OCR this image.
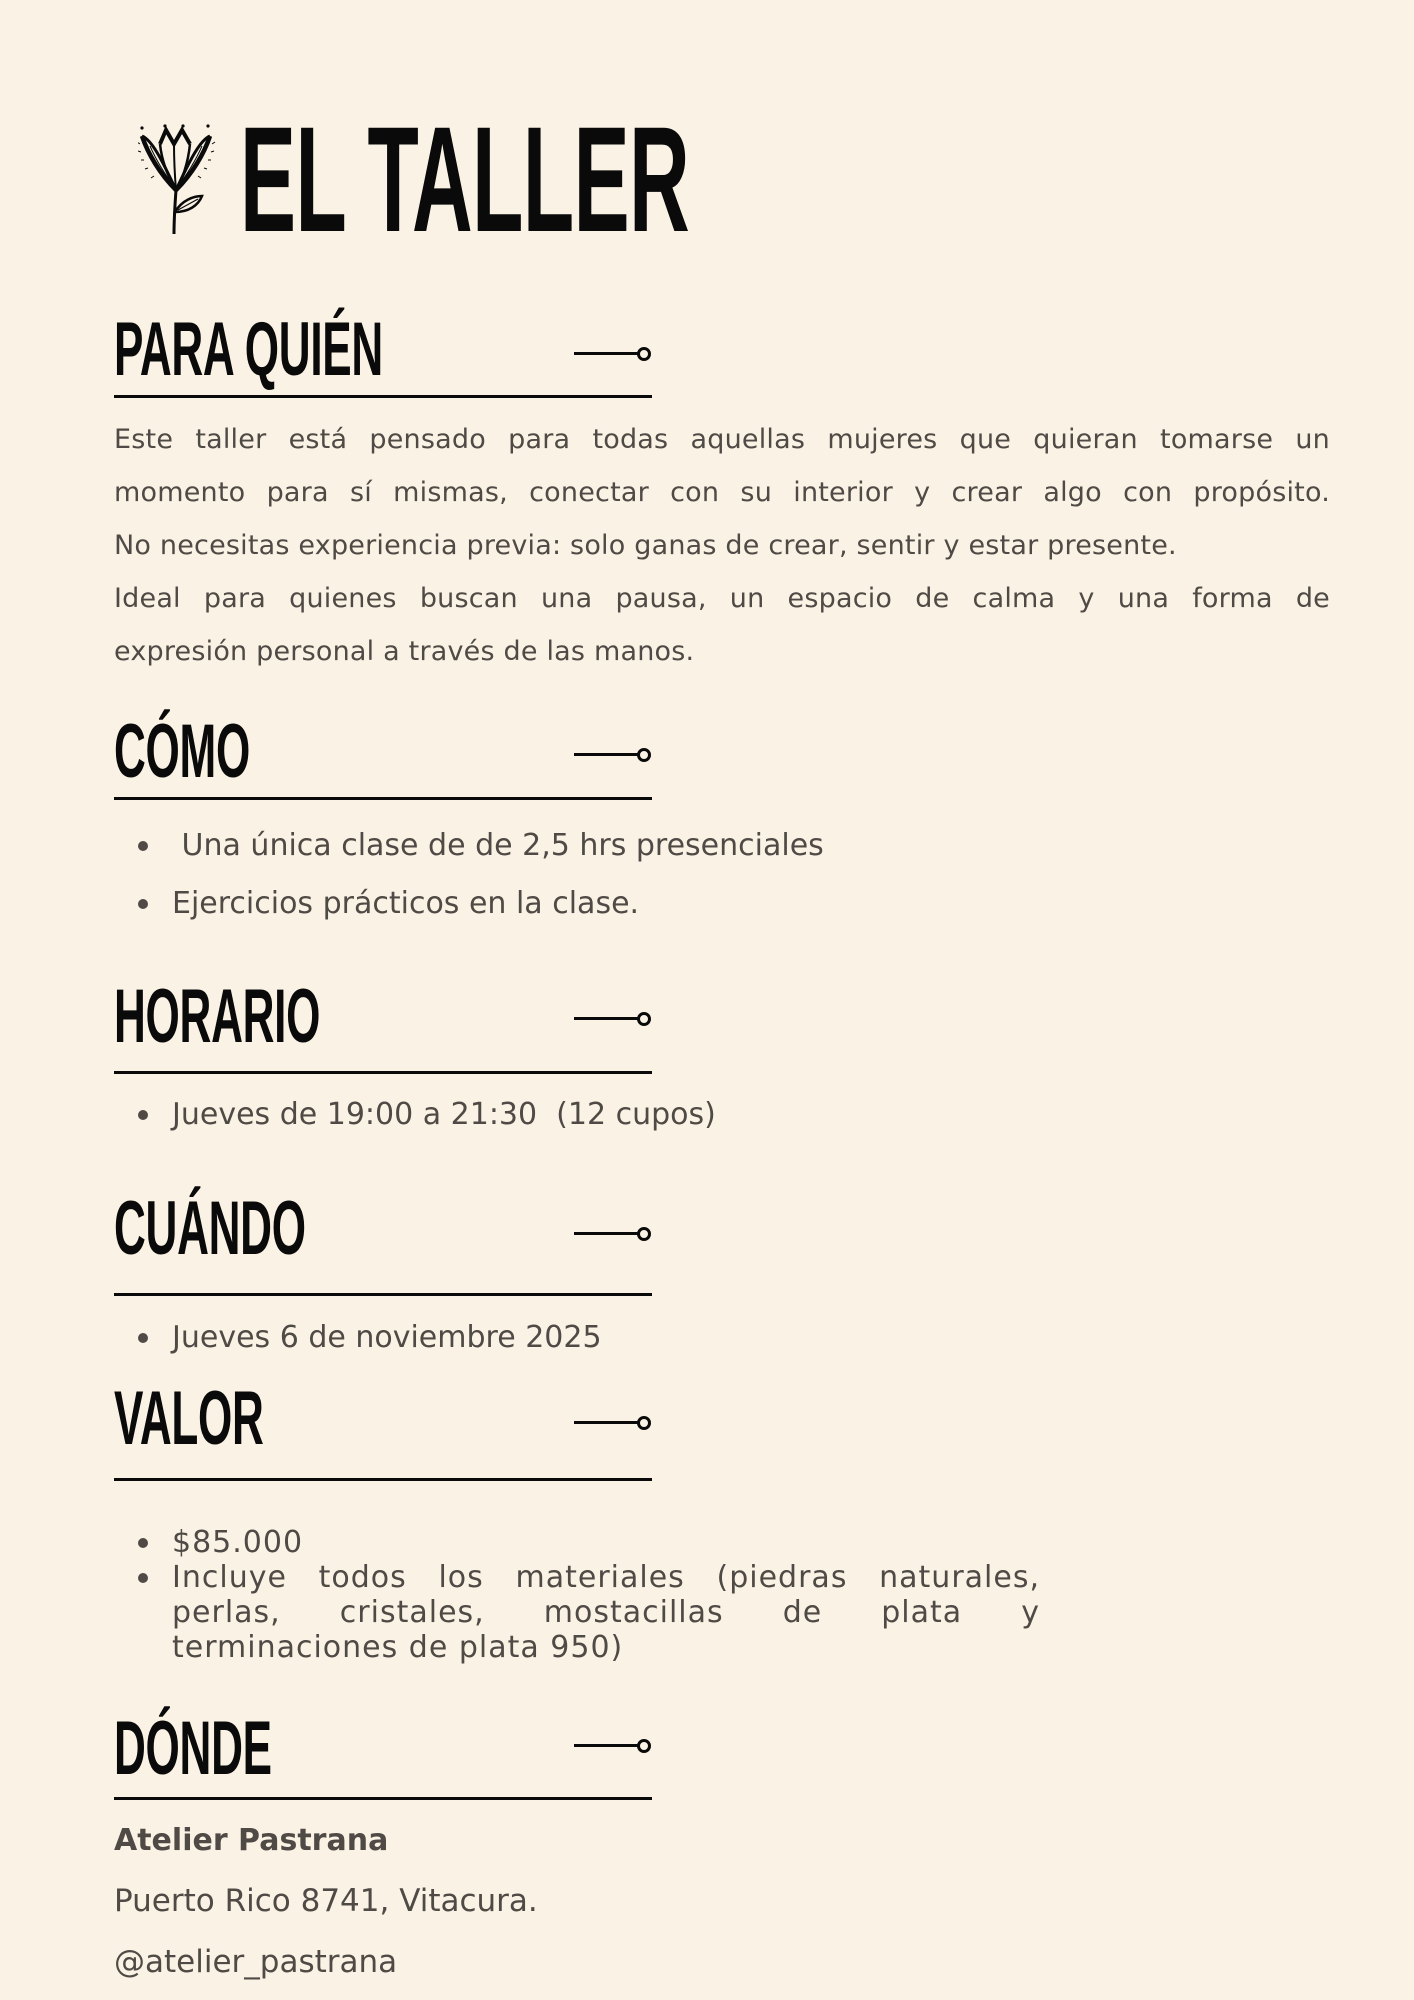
EL TALLER
PARA QUIÉN
Este taller está pensado para todas aquellas mujeres que quieran tomarse un
momento para sí mismas, conectar con su interior y crear algo con propósito.
No necesitas experiencia previa: solo ganas de crear, sentir y estar presente.
Ideal para quienes buscan una pausa, un espacio de calma y una forma de
expresión personal a través de las manos.
CÓMO
Una única clase de de 2,5 hrs presenciales
Ejercicios prácticos en la clase.
HORARIO
Jueves de 19:00 a 21:30  (12 cupos)
CUÁNDO
Jueves 6 de noviembre 2025
VALOR
$85.000
Incluye todos los materiales (piedras naturales,
perlas, cristales, mostacillas de plata y
terminaciones de plata 950)
DÓNDE
Atelier Pastrana
Puerto Rico 8741, Vitacura.
@atelier_pastrana
